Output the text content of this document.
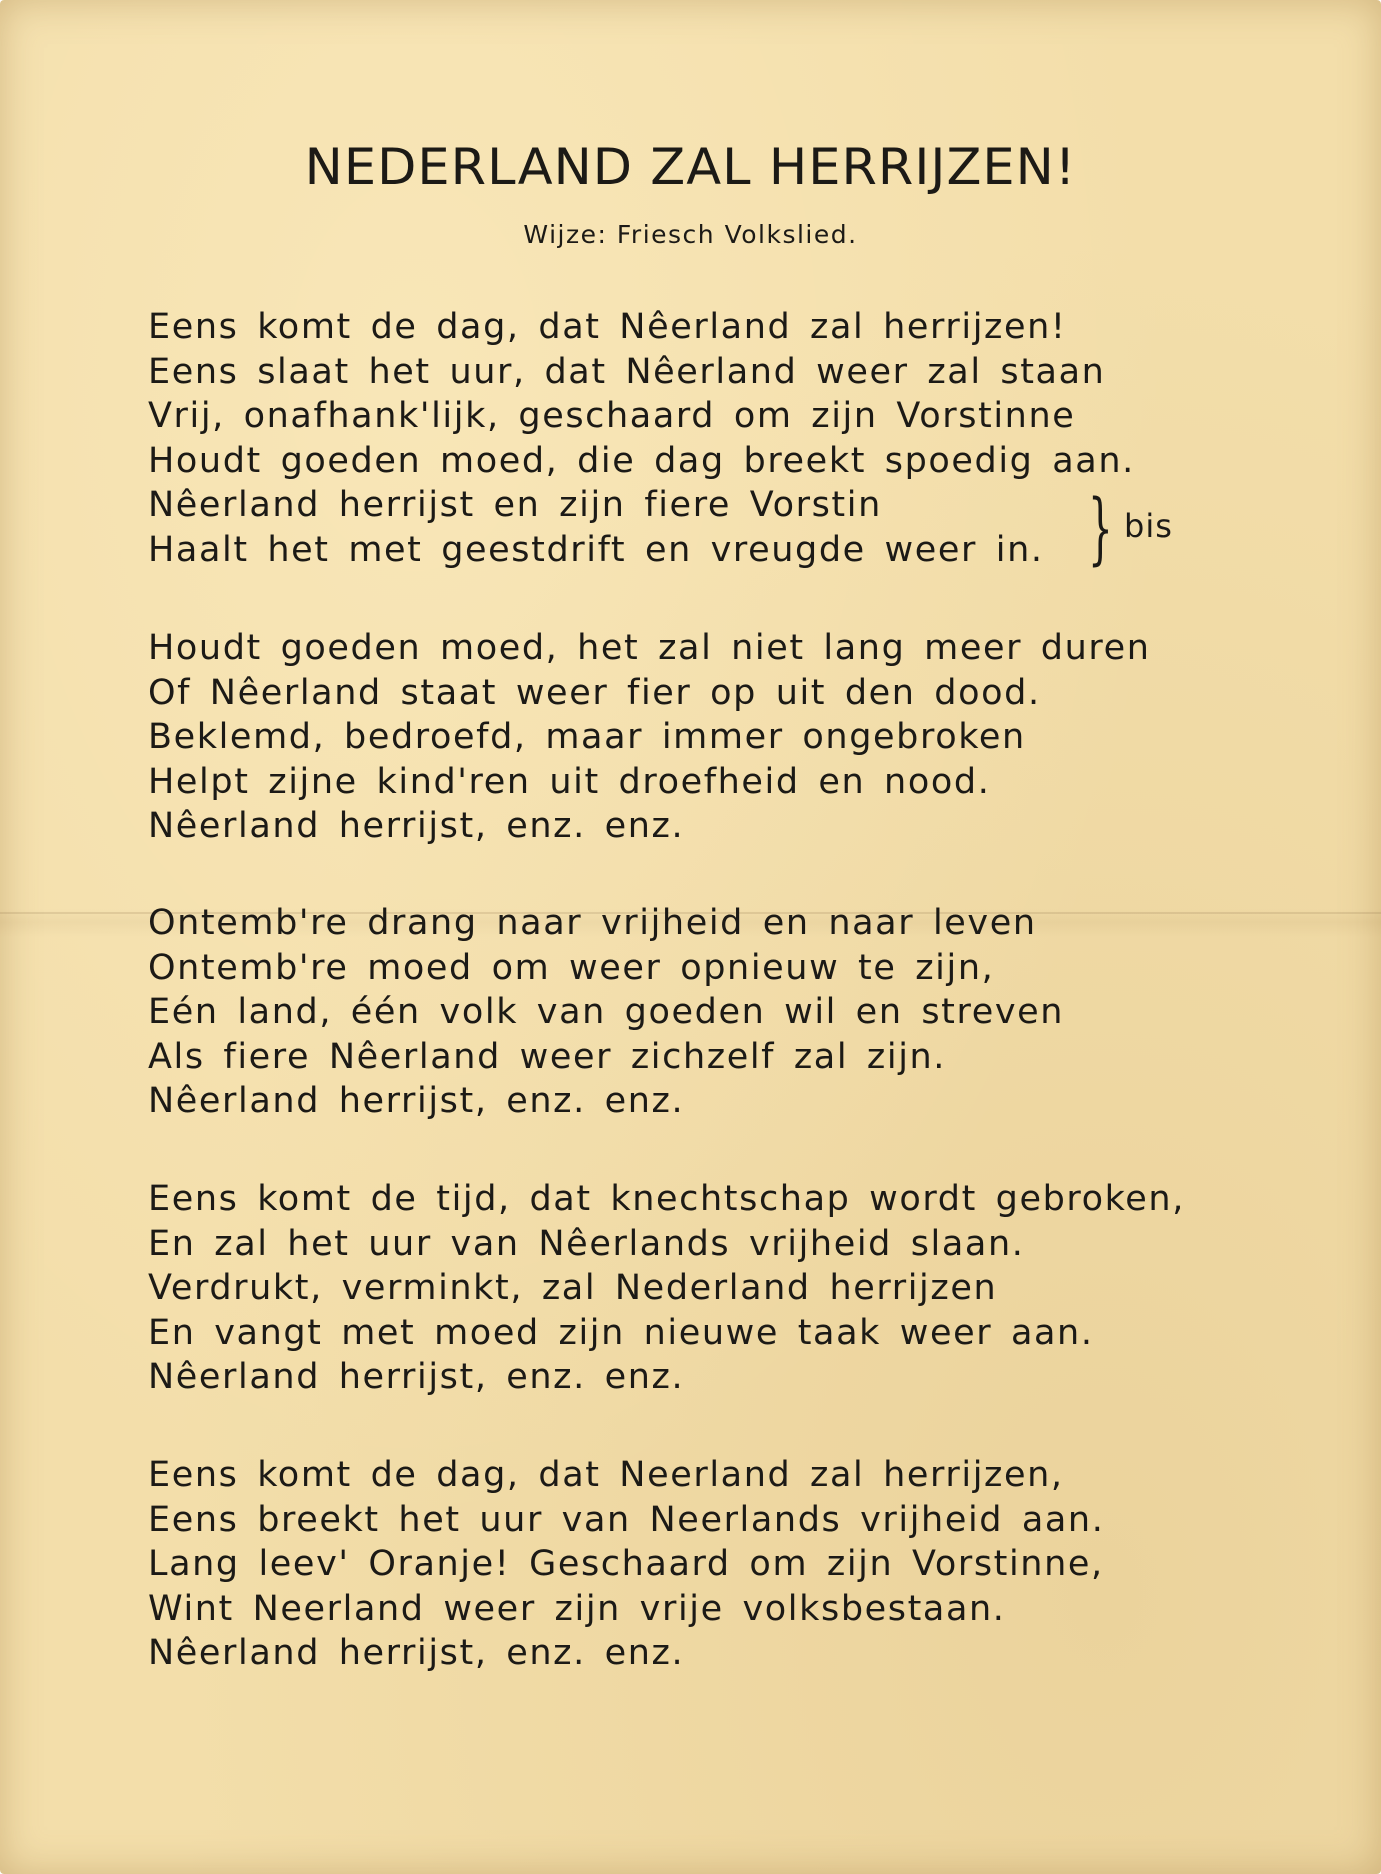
NEDERLAND ZAL HERRIJZEN!
Wijze: Friesch Volkslied.
Eens komt de dag, dat Nêerland zal herrijzen!
Eens slaat het uur, dat Nêerland weer zal staan
Vrij, onafhank'lijk, geschaard om zijn Vorstinne
Houdt goeden moed, die dag breekt spoedig aan.
Nêerland herrijst en zijn fiere Vorstin
Haalt het met geestdrift en vreugde weer in. } bis
Houdt goeden moed, het zal niet lang meer duren
Of Nêerland staat weer fier op uit den dood.
Beklemd, bedroefd, maar immer ongebroken
Helpt zijne kind'ren uit droefheid en nood.
Nêerland herrijst, enz. enz.
Ontemb're drang naar vrijheid en naar leven
Ontemb're moed om weer opnieuw te zijn,
Eén land, één volk van goeden wil en streven
Als fiere Nêerland weer zichzelf zal zijn.
Nêerland herrijst, enz. enz.
Eens komt de tijd, dat knechtschap wordt gebroken,
En zal het uur van Nêerlands vrijheid slaan.
Verdrukt, verminkt, zal Nederland herrijzen
En vangt met moed zijn nieuwe taak weer aan.
Nêerland herrijst, enz. enz.
Eens komt de dag, dat Neerland zal herrijzen,
Eens breekt het uur van Neerlands vrijheid aan.
Lang leev' Oranje! Geschaard om zijn Vorstinne,
Wint Neerland weer zijn vrije volksbestaan.
Nêerland herrijst, enz. enz.
